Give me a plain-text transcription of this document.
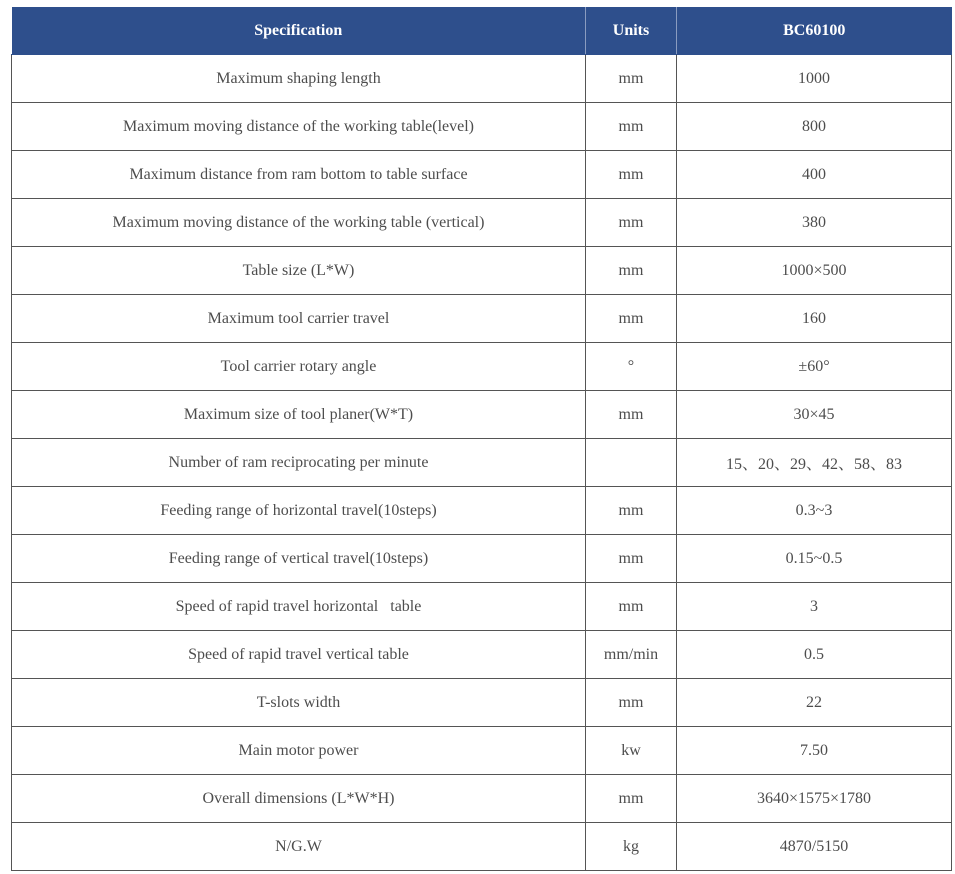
Specification	Units	BC60100
Maximum shaping length	mm	1000
Maximum moving distance of the working table(level)	mm	800
Maximum distance from ram bottom to table surface	mm	400
Maximum moving distance of the working table (vertical)	mm	380
Table size (L*W)	mm	1000×500
Maximum tool carrier travel	mm	160
Tool carrier rotary angle	°	±60°
Maximum size of tool planer(W*T)	mm	30×45
Number of ram reciprocating per minute		15、20、29、42、58、83
Feeding range of horizontal travel(10steps)	mm	0.3~3
Feeding range of vertical travel(10steps)	mm	0.15~0.5
Speed of rapid travel horizontal   table	mm	3
Speed of rapid travel vertical table	mm/min	0.5
T-slots width	mm	22
Main motor power	kw	7.50
Overall dimensions (L*W*H)	mm	3640×1575×1780
N/G.W	kg	4870/5150
